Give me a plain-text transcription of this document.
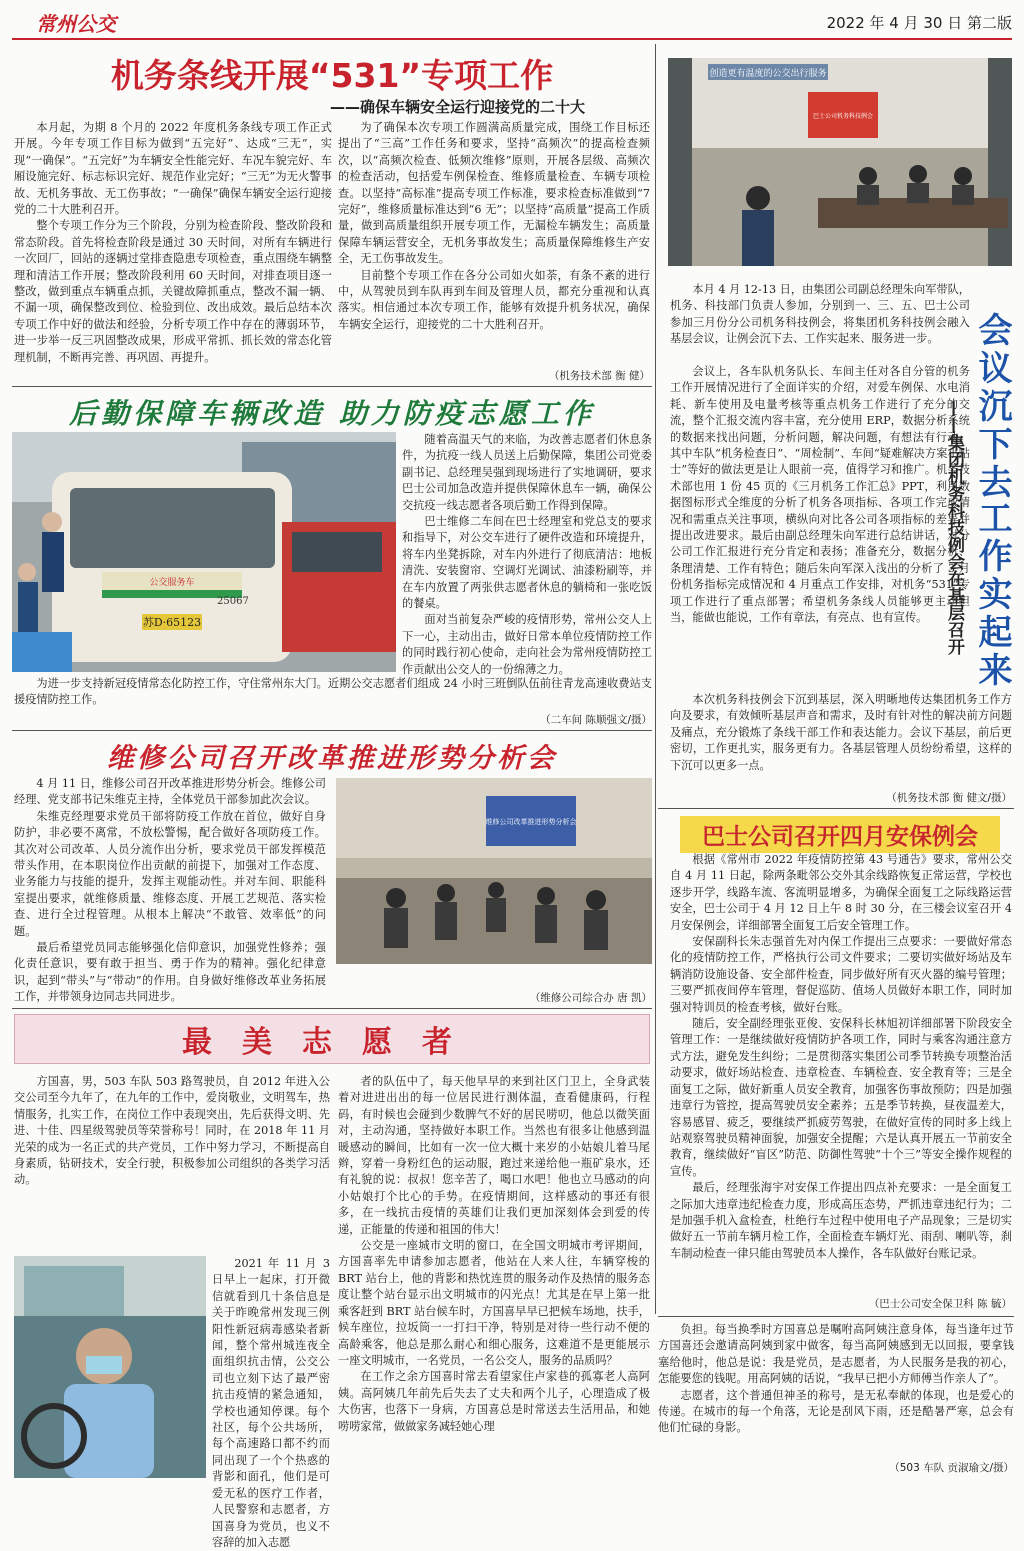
常州公交	2022 年 4 月 30 日 第二版
机务条线开展“531”专项工作
——确保车辆安全运行迎接党的二十大

本月起，为期 8 个月的 2022 年度机务条线专项工作正式开展。今年专项工作目标为做到“五完好”、达成“三无”，实现“一确保”。“五完好”为车辆安全性能完好、车况车貌完好、车厢设施完好、标志标识完好、规范作业完好；“三无”为无火警事故、无机务事故、无工伤事故；“一确保”确保车辆安全运行迎接党的二十大胜利召开。

整个专项工作分为三个阶段，分别为检查阶段、整改阶段和常态阶段。首先将检查阶段是通过 30 天时间，对所有车辆进行一次回厂，回站的逐辆过堂排查隐患专项检查，重点围绕车辆整理和清洁工作开展；整改阶段利用 60 天时间，对排查项目逐一整改，做到重点车辆重点抓，关键故障抓重点，整改不漏一辆、不漏一项，确保整改到位、检验到位、改出成效。最后总结本次专项工作中好的做法和经验，分析专项工作中存在的薄弱环节，进一步举一反三巩固整改成果，形成平常抓、抓长效的常态化管理机制，不断再完善、再巩固、再提升。

为了确保本次专项工作圆满高质量完成，围绕工作目标还提出了“三高”工作任务和要求，坚持“高频次”的提高检查频次，以“高频次检查、低频次维修”原则，开展各层级、高频次的检查活动，包括爱车例保检查、维修质量检查、车辆专项检查。以坚持“高标准”提高专项工作标准，要求检查标准做到“7 完好”，维修质量标准达到“6 无”；以坚持“高质量”提高工作质量，做到高质量组织开展专项工作，无漏检车辆发生；高质量保障车辆运营安全，无机务事故发生；高质量保障维修生产安全，无工伤事故发生。

目前整个专项工作在各分公司如火如荼，有条不紊的进行中，从驾驶员到车队再到车间及管理人员，都充分重视和认真落实。相信通过本次专项工作，能够有效提升机务状况，确保车辆安全运行，迎接党的二十大胜利召开。

（机务技术部 衡 健）
后勤保障车辆改造 助力防疫志愿工作
苏D·65123
25067
公交服务车

随着高温天气的来临，为改善志愿者们休息条件，为抗疫一线人员送上后勤保障，集团公司党委副书记、总经理吴强到现场进行了实地调研，要求巴士公司加急改造并提供保障休息车一辆，确保公交抗疫一线志愿者各项后勤工作得到保障。

巴士维修二车间在巴士经理室和党总支的要求和指导下，对公交车进行了硬件改造和环境提升，将车内坐凳拆除，对车内外进行了彻底清洁：地板清洗、安装窗帘、空调灯光调试、油漆粉刷等，并在车内放置了两张供志愿者休息的躺椅和一张吃饭的餐桌。

面对当前复杂严峻的疫情形势，常州公交人上下一心，主动出击，做好日常本单位疫情防控工作的同时践行初心使命，走向社会为常州疫情防控工作贡献出公交人的一份绵薄之力。

为进一步支持新冠疫情常态化防控工作，守住常州东大门。近期公交志愿者们组成 24 小时三班倒队伍前往青龙高速收费站支援疫情防控工作。

（二车间 陈顺强文/摄）
维修公司召开改革推进形势分析会

4 月 11 日，维修公司召开改革推进形势分析会。维修公司经理、党支部书记朱维克主持，全体党员干部参加此次会议。

朱维克经理要求党员干部将防疫工作放在首位，做好自身防护，非必要不离常，不放松警惕，配合做好各项防疫工作。其次对公司改革、人员分流作出分析，要求党员干部发挥模范带头作用，在本职岗位作出贡献的前提下，加强对工作态度、业务能力与技能的提升，发挥主观能动性。并对车间、职能科室提出要求，就维修质量、维修态度、开展工艺规范、落实检查、进行全过程管理。从根本上解决“不敢管、效率低”的问题。

最后希望党员同志能够强化信仰意识，加强党性修养；强化责任意识，要有敢于担当、勇于作为的精神。强化纪律意识，起到“带头”与“带动”的作用。自身做好维修改革业务拓展工作，并带领身边同志共同进步。

维修公司改革推进形势分析会
（维修公司综合办 唐 凯）
最美志愿者

方国喜，男，503 车队 503 路驾驶员，自 2012 年进入公交公司至今九年了，在九年的工作中，爱岗敬业，文明驾车，热情服务，扎实工作，在岗位工作中表现突出，先后获得文明、先进、十佳、四星级驾驶员等荣誉称号！同时，在 2018 年 11 月光荣的成为一名正式的共产党员，工作中努力学习，不断提高自身素质，钻研技术，安全行驶，积极参加公司组织的各类学习活动。

2021 年 11 月 3 日早上一起床，打开微信就看到几十条信息是关于昨晚常州发现三例阳性新冠病毒感染者新闻，整个常州城连夜全面组织抗击情，公交公司也立刻下达了最严密抗击疫情的紧急通知，学校也通知停课。每个社区，每个公共场所，每个高速路口都不约而同出现了一个个热惑的背影和面孔，他们是可爱无私的医疗工作者，人民警察和志愿者，方国喜身为党员，也义不容辞的加入志愿

者的队伍中了，每天他早早的来到社区门卫上，全身武装着对进进出出的每一位居民进行测体温，查看健康码，行程码，有时候也会碰到少数脾气不好的居民唠叨，他总以微笑面对，主动沟通，坚持做好本职工作。当然也有很多让他感到温暖感动的瞬间，比如有一次一位大概十来岁的小姑娘儿着马尾辫，穿着一身粉红色的运动服，跑过来递给他一瓶矿泉水，还有礼貌的说：叔叔！您辛苦了，喝口水吧！他也立马感动的向小姑娘打个比心的手势。在疫情期间，这样感动的事还有很多，在一线抗击疫情的英雄们让我们更加深刻体会到爱的传递，正能量的传递和祖国的伟大！

公交是一座城市文明的窗口，在全国文明城市考评期间，方国喜率先申请参加志愿者，他站在人来人往，车辆穿梭的 BRT 站台上，他的背影和热忱连贯的服务动作及热情的服务态度让整个站台显示出文明城市的闪光点！尤其是在早上第一批乘客赶到 BRT 站台候车时，方国喜早早已把候车场地，扶手，候车座位，拉坂筒一一打扫干净，特别是对待一些行动不便的高龄乘客，他总是那么耐心和细心服务，这难道不是更能展示一座文明城市，一名党员，一名公交人，服务的品质吗？

在工作之余方国喜时常去看望家住卢家巷的孤寡老人高阿姨。高阿姨几年前先后失去了丈夫和两个儿子，心理造成了极大伤害，也落下一身病，方国喜总是时常送去生活用品，和她唠唠家常，做做家务减轻她心理

负担。每当换季时方国喜总是嘱咐高阿姨注意身体，每当逢年过节方国喜还会邀请高阿姨到家中做客，每当高阿姨感到无以回报，要拿钱塞给他时，他总是说：我是党员，是志愿者，为人民服务是我的初心，怎能要您的钱呢。用高阿姨的话说，“我早已把小方师傅当作亲人了”。

志愿者，这个普通但神圣的称号，是无私奉献的体现，也是爱心的传递。在城市的每一个角落，无论是刮风下雨，还是酷暑严寒，总会有他们忙碌的身影。

（503 车队 贡淑瑜文/摄）
创造更有温度的公交出行服务
巴士公司机务科技例会

本月 4 月 12-13 日，由集团公司副总经理朱向军带队，机务、科技部门负责人参加，分别到一、三、五、巴士公司参加三月份分公司机务科技例会，将集团机务科技例会融入基层会议，让例会沉下去、工作实起来、服务进一步。

会议上，各车队机务队长、车间主任对各自分管的机务工作开展情况进行了全面详实的介绍，对爱车例保、水电消耗、新车使用及电量考核等重点机务工作进行了充分的交流，整个汇报交流内容丰富，充分使用 ERP，数据分析系统的数据来找出问题，分析问题，解决问题，有想法有行动，其中车队“机务检查日”、“周检制”、车间“疑难解决方案小贴士”等好的做法更是让人眼前一亮，值得学习和推广。机务技术部也用 1 份 45 页的《三月机务工作汇总》PPT，利用数据图标形式全维度的分析了机务各项指标、各项工作完成情况和需重点关注事项，横纵向对比各公司各项指标的差异并提出改进要求。最后由副总经理朱向军进行总结讲话，对分公司工作汇报进行充分肯定和表扬；准备充分，数据分析、条理清楚、工作有特色；随后朱向军深入浅出的分析了 3 月份机务指标完成情况和 4 月重点工作安排，对机务“531”专项工作进行了重点部署；希望机务条线人员能够更主动担当，能做也能说，工作有章法，有亮点、也有宣传。

会议沉下去
工作实起来
——集团机务科技例会在基层召开

本次机务科技例会下沉到基层，深入明晰地传达集团机务工作方向及要求，有效倾听基层声音和需求，及时有针对性的解决前方问题及痛点，充分锻炼了条线干部工作和表达能力。会议下基层，前后更密切，工作更扎实，服务更有力。各基层管理人员纷纷希望，这样的下沉可以更多一点。

（机务技术部 衡 健文/摄）
巴士公司召开四月安保例会

根据《常州市 2022 年疫情防控第 43 号通告》要求，常州公交自 4 月 11 日起，除两条毗邻公交外其余线路恢复正常运营，学校也逐步开学，线路车流、客流明显增多，为确保全面复工之际线路运营安全，巴士公司于 4 月 12 日上午 8 时 30 分，在三楼会议室召开 4 月安保例会，详细部署全面复工后安全管理工作。

安保副科长朱志强首先对内保工作提出三点要求：一要做好常态化的疫情防控工作，严格执行公司文件要求；二要切实做好场站及车辆消防设施设备、安全部件检查，同步做好所有灭火器的编号管理；三要严抓夜间停车管理，督促巡防、值场人员做好本职工作，同时加强对特训员的检查考核，做好台账。

随后，安全副经理张亚俊、安保科长林旭初详细部署下阶段安全管理工作：一是继续做好疫情防护各项工作，同时与乘客沟通注意方式方法，避免发生纠纷；二是贯彻落实集团公司季节转换专项整治活动要求，做好场站检查、违章检查、车辆检查、安全教育等；三是全面复工之际，做好新重人员安全教育，加强客伤事故预防；四是加强违章行为管控，提高驾驶员安全素养；五是季节转换，昼夜温差大，容易感冒、疲乏，要继续严抓疲劳驾驶，在做好宣传的同时多上线上站观察驾驶员精神面貌，加强安全提醒；六是认真开展五一节前安全教育，继续做好“盲区”防范、防御性驾驶“十个三”等安全操作规程的宣传。

最后，经理张海宇对安保工作提出四点补充要求：一是全面复工之际加大违章违纪检查力度，形成高压态势，严抓违章违纪行为；二是加强手机入盒检查，杜绝行车过程中使用电子产品现象；三是切实做好五一节前车辆月检工作，全面检查车辆灯光、雨刮、喇叭等，刹车制动检查一律只能由驾驶员本人操作，各车队做好台账记录。

（巴士公司安全保卫科 陈 毓）
